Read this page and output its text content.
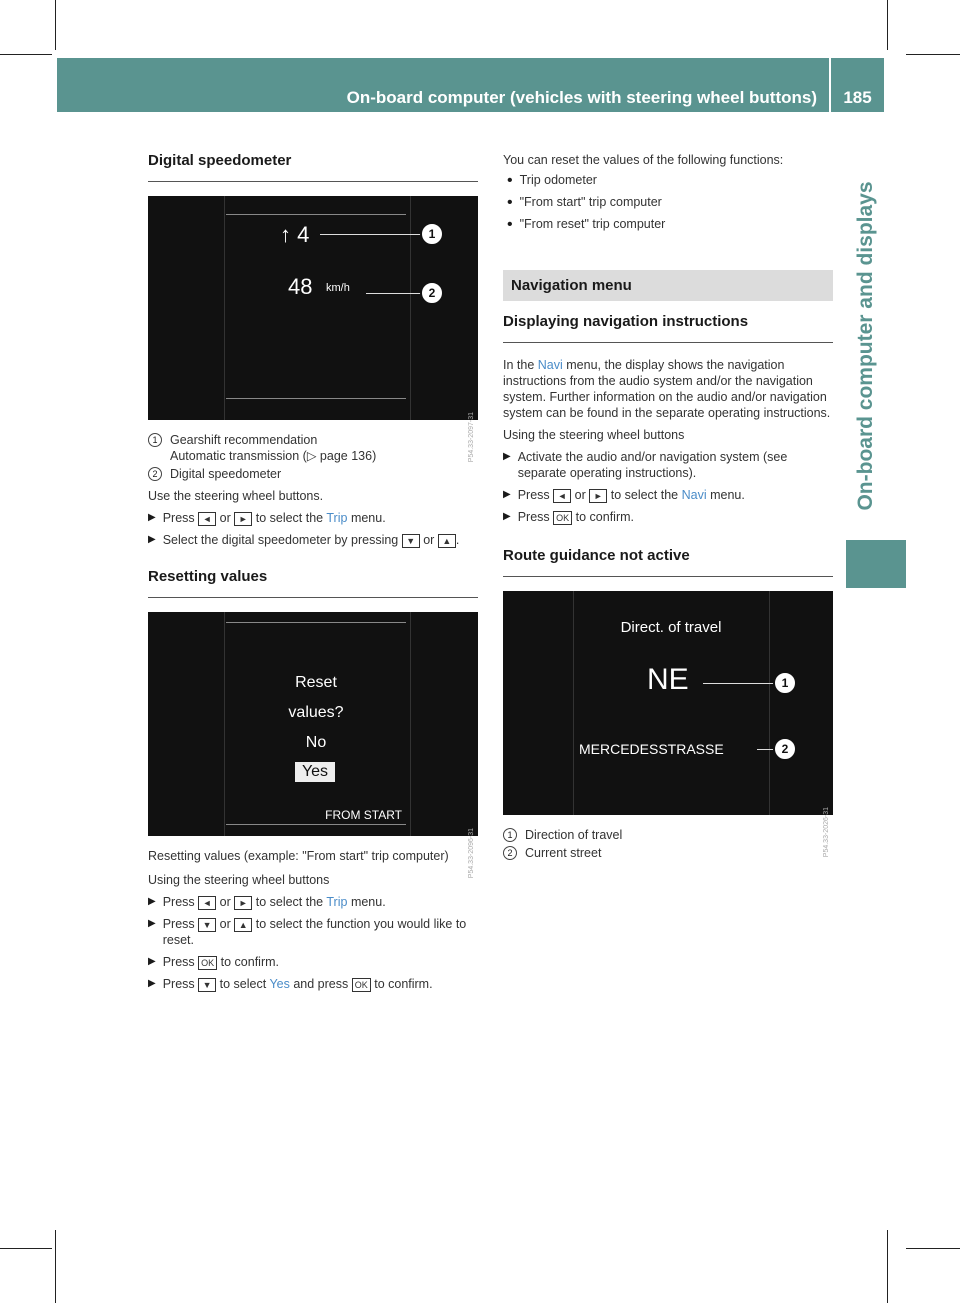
On-board computer (vehicles with steering wheel buttons)	185
On-board computer and displays
Digital speedometer
↑ 4
48 km/h
1
2
P54.33-2097-31
1	Gearshift recommendation

Automatic transmission (▷ page 136)

2	Digital speedometer

Use the steering wheel buttons.

▶ Press ◄ or ► to select the Trip menu.

▶ Select the digital speedometer by pressing ▼ or ▲ .

Resetting values
Reset
values?
No
Yes
FROM START
P54.33-2096-31

Resetting values (example: "From start" trip computer)

Using the steering wheel buttons

▶ Press ◄ or ► to select the Trip menu.

▶ Press ▼ or ▲ to select the function you would like to reset.

▶ Press OK to confirm.

▶ Press ▼ to select Yes and press OK to confirm.

You can reset the values of the following functions:

• Trip odometer

• "From start" trip computer

• "From reset" trip computer

Navigation menu
Displaying navigation instructions

In the Navi menu, the display shows the navigation instructions from the audio system and/or the navigation system. Further information on the audio and/or navigation system can be found in the separate operating instructions.

Using the steering wheel buttons

▶ Activate the audio and/or navigation system (see separate operating instructions).

▶ Press ◄ or ► to select the Navi menu.

▶ Press OK to confirm.

Route guidance not active
Direct. of travel
NE	1
MERCEDESSTRASSE	2
P54.33-2026-31
1	Direction of travel

2	Current street
